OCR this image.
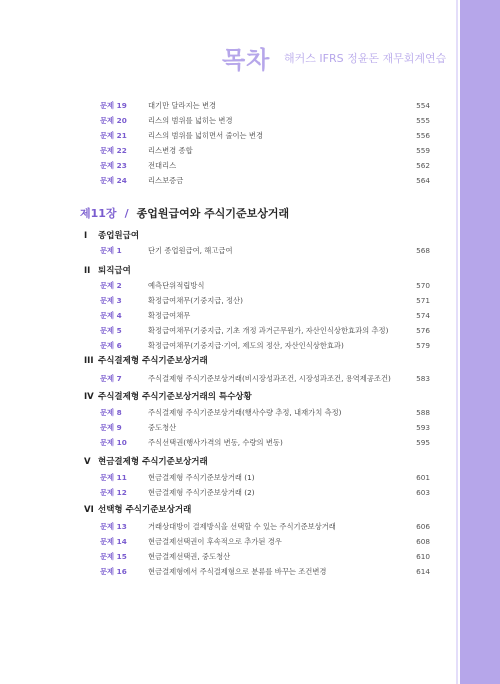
목차 해커스 IFRS 정윤돈 재무회계연습
문제 19	대기만 달라지는 변경	554
문제 20	리스의 범위를 넓히는 변경	555
문제 21	리스의 범위를 넓히면서 줄이는 변경	556
문제 22	리스변경 종합	559
문제 23	전대리스	562
문제 24	리스보증금	564
제11장 / 종업원급여와 주식기준보상거래
I 종업원급여
문제 1	단기 종업원급여, 해고급여	568
II 퇴직급여
문제 2	예측단위적립방식	570
문제 3	확정급여채무(기중지급, 정산)	571
문제 4	확정급여채무	574
문제 5	확정급여채무(기중지급, 기초 개정 과거근무원가, 자산인식상한효과의 추정)	576
문제 6	확정급여채무(기중지급·기여, 제도의 정산, 자산인식상한효과)	579
III 주식결제형 주식기준보상거래
문제 7	주식결제형 주식기준보상거래(비시장성과조건, 시장성과조건, 용역제공조건)	583
IV 주식결제형 주식기준보상거래의 특수상황
문제 8	주식결제형 주식기준보상거래(행사수량 추정, 내재가치 측정)	588
문제 9	중도청산	593
문제 10	주식선택권(행사가격의 변동, 수량의 변동)	595
V 현금결제형 주식기준보상거래
문제 11	현금결제형 주식기준보상거래 (1)	601
문제 12	현금결제형 주식기준보상거래 (2)	603
VI 선택형 주식기준보상거래
문제 13	거래상대방이 결제방식을 선택할 수 있는 주식기준보상거래	606
문제 14	현금결제선택권이 후속적으로 추가된 경우	608
문제 15	현금결제선택권, 중도청산	610
문제 16	현금결제형에서 주식결제형으로 분류를 바꾸는 조건변경	614
